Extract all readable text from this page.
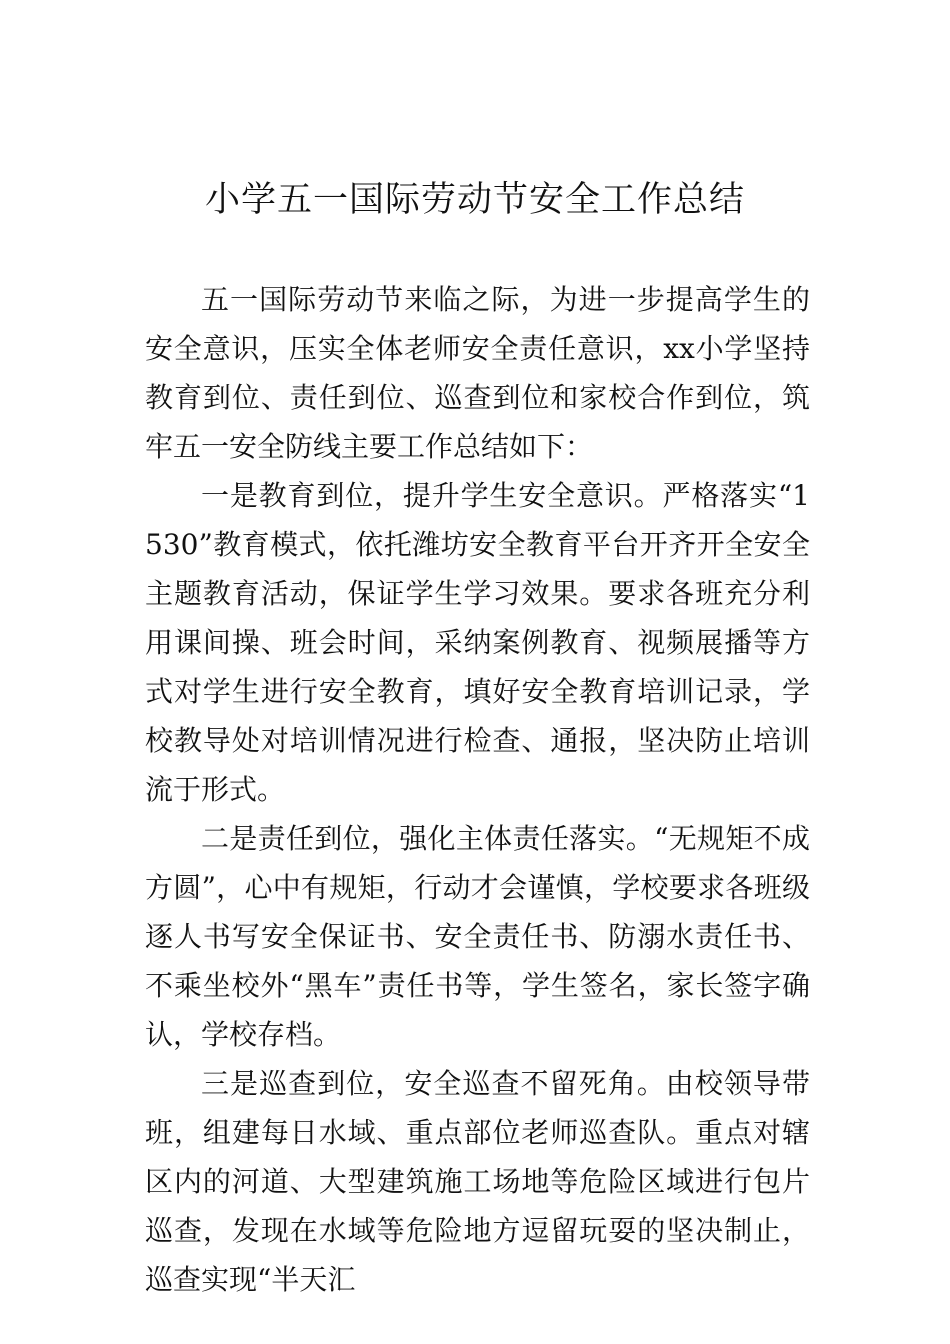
小学五一国际劳动节安全工作总结

五一国际劳动节来临之际，为进一步提高学生的安全意识，压实全体老师安全责任意识，xx小学坚持教育到位、责任到位、巡查到位和家校合作到位，筑牢五一安全防线主要工作总结如下：

一是教育到位，提升学生安全意识。严格落实“1530”教育模式，依托潍坊安全教育平台开齐开全安全主题教育活动，保证学生学习效果。要求各班充分利用课间操、班会时间，采纳案例教育、视频展播等方式对学生进行安全教育，填好安全教育培训记录，学校教导处对培训情况进行检查、通报，坚决防止培训流于形式。

二是责任到位，强化主体责任落实。“无规矩不成方圆”，心中有规矩，行动才会谨慎，学校要求各班级逐人书写安全保证书、安全责任书、防溺水责任书、不乘坐校外“黑车”责任书等，学生签名，家长签字确认，学校存档。

三是巡查到位，安全巡查不留死角。由校领导带班，组建每日水域、重点部位老师巡查队。重点对辖区内的河道、大型建筑施工场地等危险区域进行包片巡查，发现在水域等危险地方逗留玩耍的坚决制止，巡查实现“半天汇
